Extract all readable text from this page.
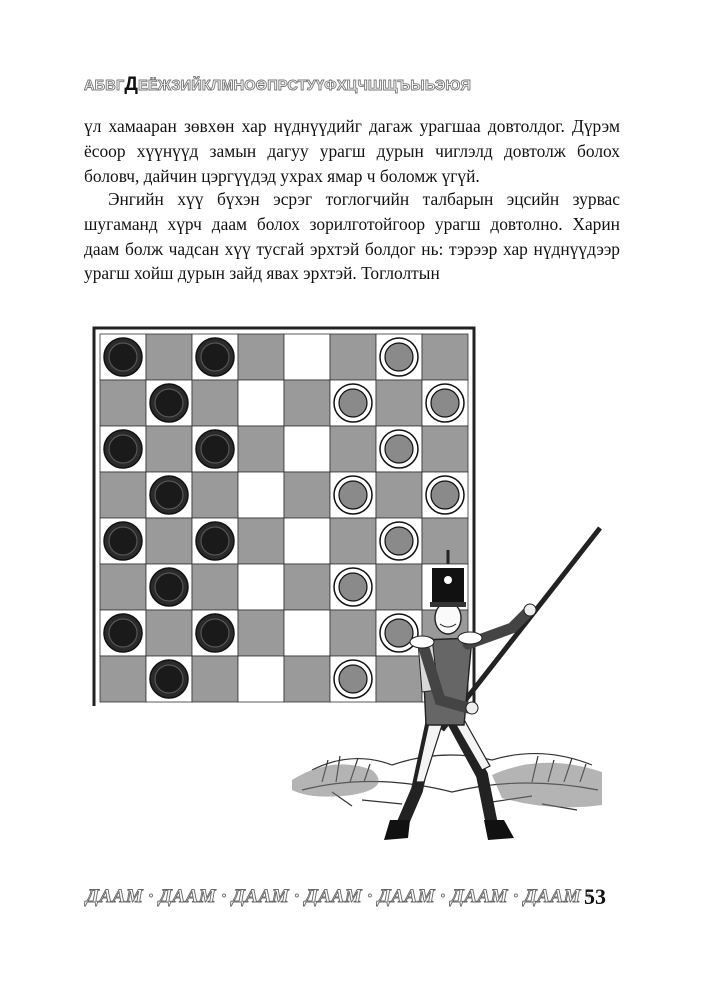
АБВГДЕЁЖЗИЙКЛМНОӨПРСТУҮФХЦЧШЩЪЫЬЭЮЯ

үл хамааран зөвхөн хар нүднүүдийг дагаж урагшаа довтолдог. Дүрэм ёсоор хүүнүүд замын дагуу урагш дурын чиглэлд довтолж болох боловч, дайчин цэргүүдэд ухрах ямар ч боломж үгүй.

Энгийн хүү бүхэн эсрэг тоглогчийн талбарын эцсийн зурвас шугаманд хүрч даам болох зорилготойгоор урагш довтолно. Харин даам болж чадсан хүү тусгай эрхтэй болдог нь: тэрээр хар нүднүүдээр урагш хойш дурын зайд явах эрхтэй. Тоглолтын

ДААМ · ДААМ · ДААМ · ДААМ · ДААМ · ДААМ · ДААМ ·
53
